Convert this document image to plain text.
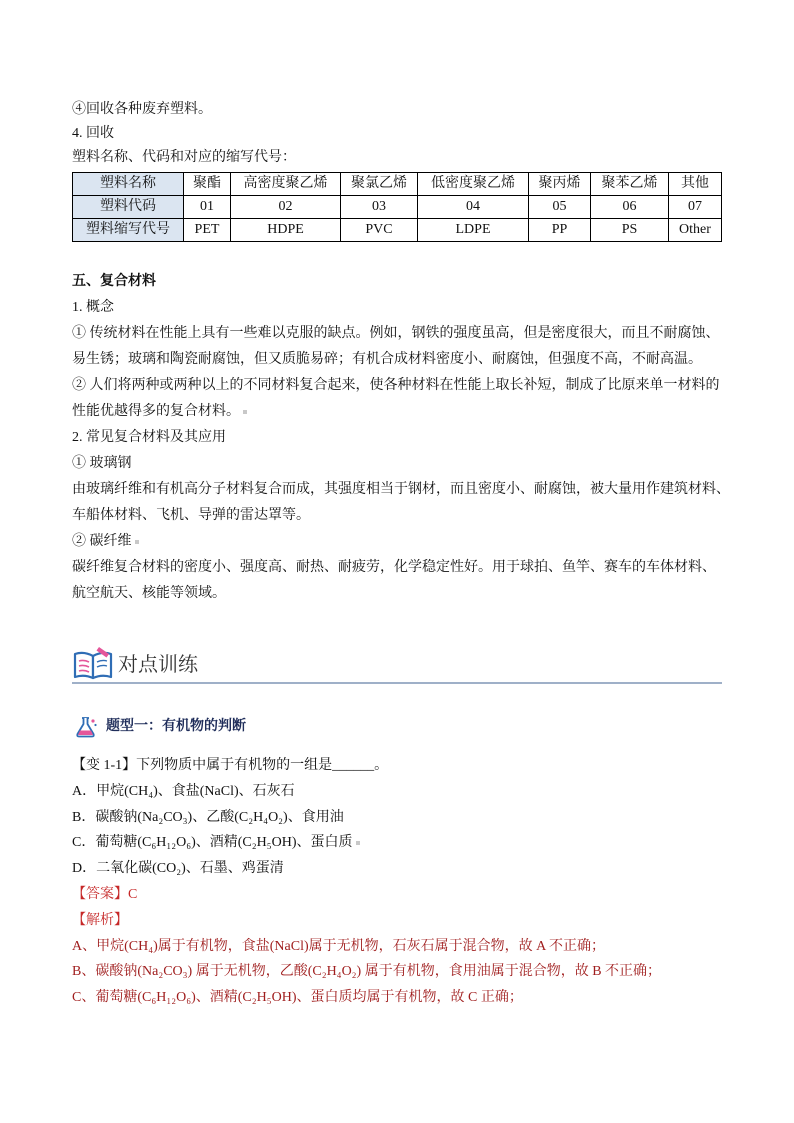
④回收各种废弃塑料。
4. 回收
塑料名称、代码和对应的缩写代号：
塑料名称	聚酯	高密度聚乙烯	聚氯乙烯	低密度聚乙烯	聚丙烯	聚苯乙烯	其他
塑料代码	01	02	03	04	05	06	07
塑料缩写代号	PET	HDPE	PVC	LDPE	PP	PS	Other
五、复合材料
1. 概念
① 传统材料在性能上具有一些难以克服的缺点。例如，钢铁的强度虽高，但是密度很大，而且不耐腐蚀、
易生锈；玻璃和陶瓷耐腐蚀，但又质脆易碎；有机合成材料密度小、耐腐蚀，但强度不高，不耐高温。
② 人们将两种或两种以上的不同材料复合起来，使各种材料在性能上取长补短，制成了比原来单一材料的
性能优越得多的复合材料。
2. 常见复合材料及其应用
① 玻璃钢
由玻璃纤维和有机高分子材料复合而成，其强度相当于钢材，而且密度小、耐腐蚀，被大量用作建筑材料、
车船体材料、飞机、导弹的雷达罩等。
② 碳纤维
碳纤维复合材料的密度小、强度高、耐热、耐疲劳，化学稳定性好。用于球拍、鱼竿、赛车的车体材料、
航空航天、核能等领域。
对点训练
题型一：有机物的判断
【变 1-1】下列物质中属于有机物的一组是______。
A．甲烷(CH₄)、食盐(NaCl)、石灰石
B．碳酸钠(Na₂CO₃)、乙酸(C₂H₄O₂)、食用油
C．葡萄糖(C₆H₁₂O₆)、酒精(C₂H₅OH)、蛋白质
D．二氧化碳(CO₂)、石墨、鸡蛋清
【答案】C
【解析】
A、甲烷(CH₄)属于有机物，食盐(NaCl)属于无机物，石灰石属于混合物，故 A 不正确；
B、碳酸钠(Na₂CO₃) 属于无机物，乙酸(C₂H₄O₂) 属于有机物，食用油属于混合物，故 B 不正确；
C、葡萄糖(C₆H₁₂O₆)、酒精(C₂H₅OH)、蛋白质均属于有机物，故 C 正确；
